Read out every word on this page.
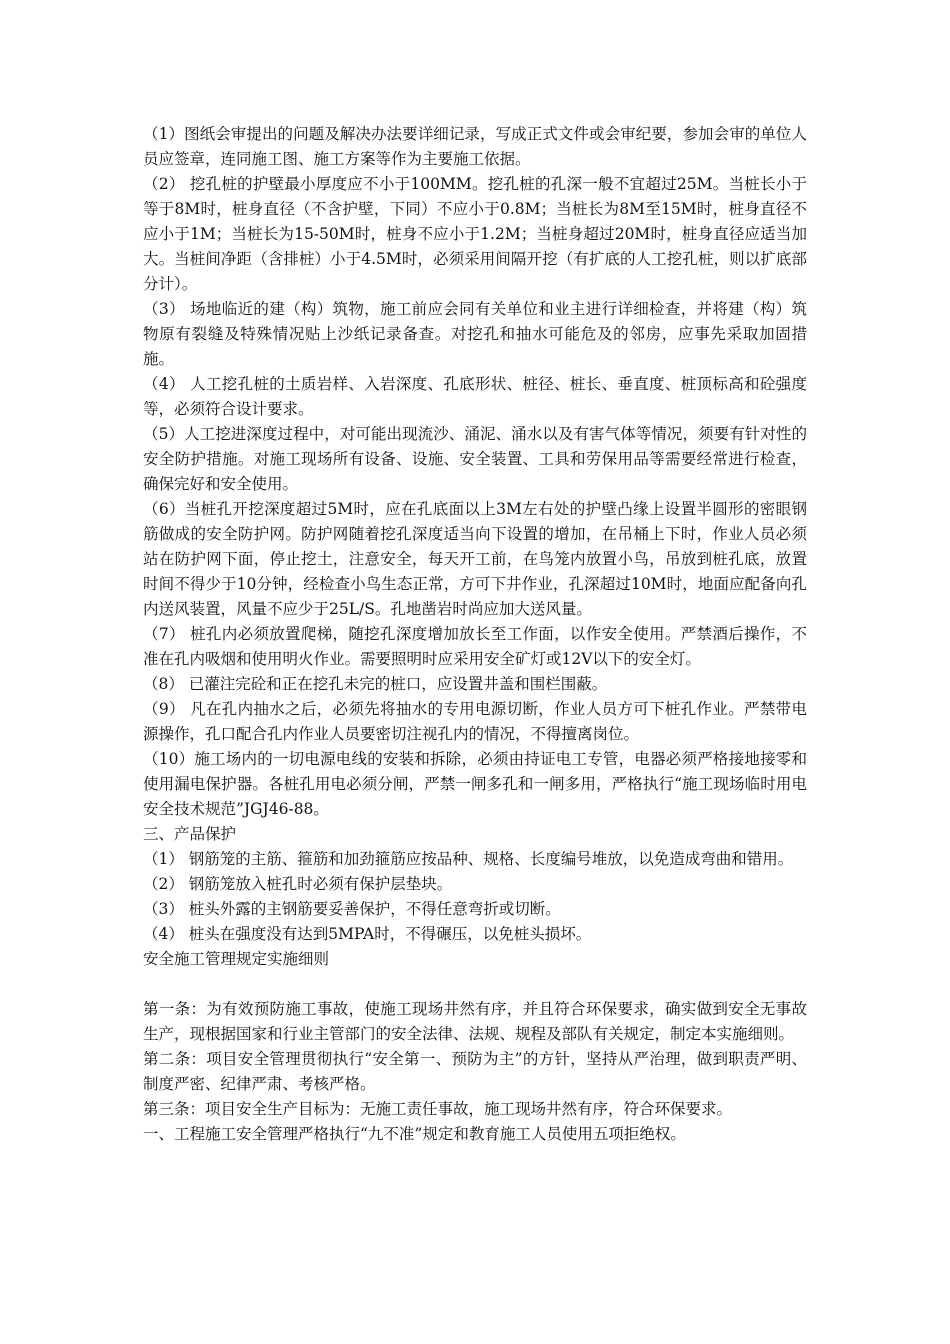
（1）图纸会审提出的问题及解决办法要详细记录，写成正式文件或会审纪要，参加会审的单位人员应签章，连同施工图、施工方案等作为主要施工依据。

（2） 挖孔桩的护壁最小厚度应不小于100MM。挖孔桩的孔深一般不宜超过25M。当桩长小于等于8M时，桩身直径（不含护壁，下同）不应小于0.8M；当桩长为8M至15M时，桩身直径不应小于1M；当桩长为15-50M时，桩身不应小于1.2M；当桩身超过20M时，桩身直径应适当加大。当桩间净距（含排桩）小于4.5M时，必须采用间隔开挖（有扩底的人工挖孔桩，则以扩底部分计）。

（3） 场地临近的建（构）筑物，施工前应会同有关单位和业主进行详细检查，并将建（构）筑物原有裂缝及特殊情况贴上沙纸记录备查。对挖孔和抽水可能危及的邻房，应事先采取加固措施。

（4） 人工挖孔桩的土质岩样、入岩深度、孔底形状、桩径、桩长、垂直度、桩顶标高和砼强度等，必须符合设计要求。

（5）人工挖进深度过程中，对可能出现流沙、涌泥、涌水以及有害气体等情况，须要有针对性的安全防护措施。对施工现场所有设备、设施、安全装置、工具和劳保用品等需要经常进行检查，确保完好和安全使用。

（6）当桩孔开挖深度超过5M时，应在孔底面以上3M左右处的护壁凸缘上设置半圆形的密眼钢筋做成的安全防护网。防护网随着挖孔深度适当向下设置的增加，在吊桶上下时，作业人员必须站在防护网下面，停止挖土，注意安全，每天开工前，在鸟笼内放置小鸟，吊放到桩孔底，放置时间不得少于10分钟，经检查小鸟生态正常，方可下井作业，孔深超过10M时，地面应配备向孔内送风装置，风量不应少于25L/S。孔地凿岩时尚应加大送风量。

（7） 桩孔内必须放置爬梯，随挖孔深度增加放长至工作面，以作安全使用。严禁酒后操作，不准在孔内吸烟和使用明火作业。需要照明时应采用安全矿灯或12V以下的安全灯。

（8） 已灌注完砼和正在挖孔未完的桩口，应设置井盖和围栏围蔽。

（9） 凡在孔内抽水之后，必须先将抽水的专用电源切断，作业人员方可下桩孔作业。严禁带电源操作，孔口配合孔内作业人员要密切注视孔内的情况，不得擅离岗位。

（10）施工场内的一切电源电线的安装和拆除，必须由持证电工专管，电器必须严格接地接零和使用漏电保护器。各桩孔用电必须分闸，严禁一闸多孔和一闸多用，严格执行“施工现场临时用电安全技术规范”JGJ46-88。

三、产品保护

（1） 钢筋笼的主筋、箍筋和加劲箍筋应按品种、规格、长度编号堆放，以免造成弯曲和错用。

（2） 钢筋笼放入桩孔时必须有保护层垫块。

（3） 桩头外露的主钢筋要妥善保护，不得任意弯折或切断。

（4） 桩头在强度没有达到5MPA时，不得碾压，以免桩头损坏。

安全施工管理规定实施细则

第一条：为有效预防施工事故，使施工现场井然有序，并且符合环保要求，确实做到安全无事故生产，现根据国家和行业主管部门的安全法律、法规、规程及部队有关规定，制定本实施细则。

第二条：项目安全管理贯彻执行“安全第一、预防为主”的方针，坚持从严治理，做到职责严明、制度严密、纪律严肃、考核严格。

第三条：项目安全生产目标为：无施工责任事故，施工现场井然有序，符合环保要求。

一、工程施工安全管理严格执行“九不准”规定和教育施工人员使用五项拒绝权。
